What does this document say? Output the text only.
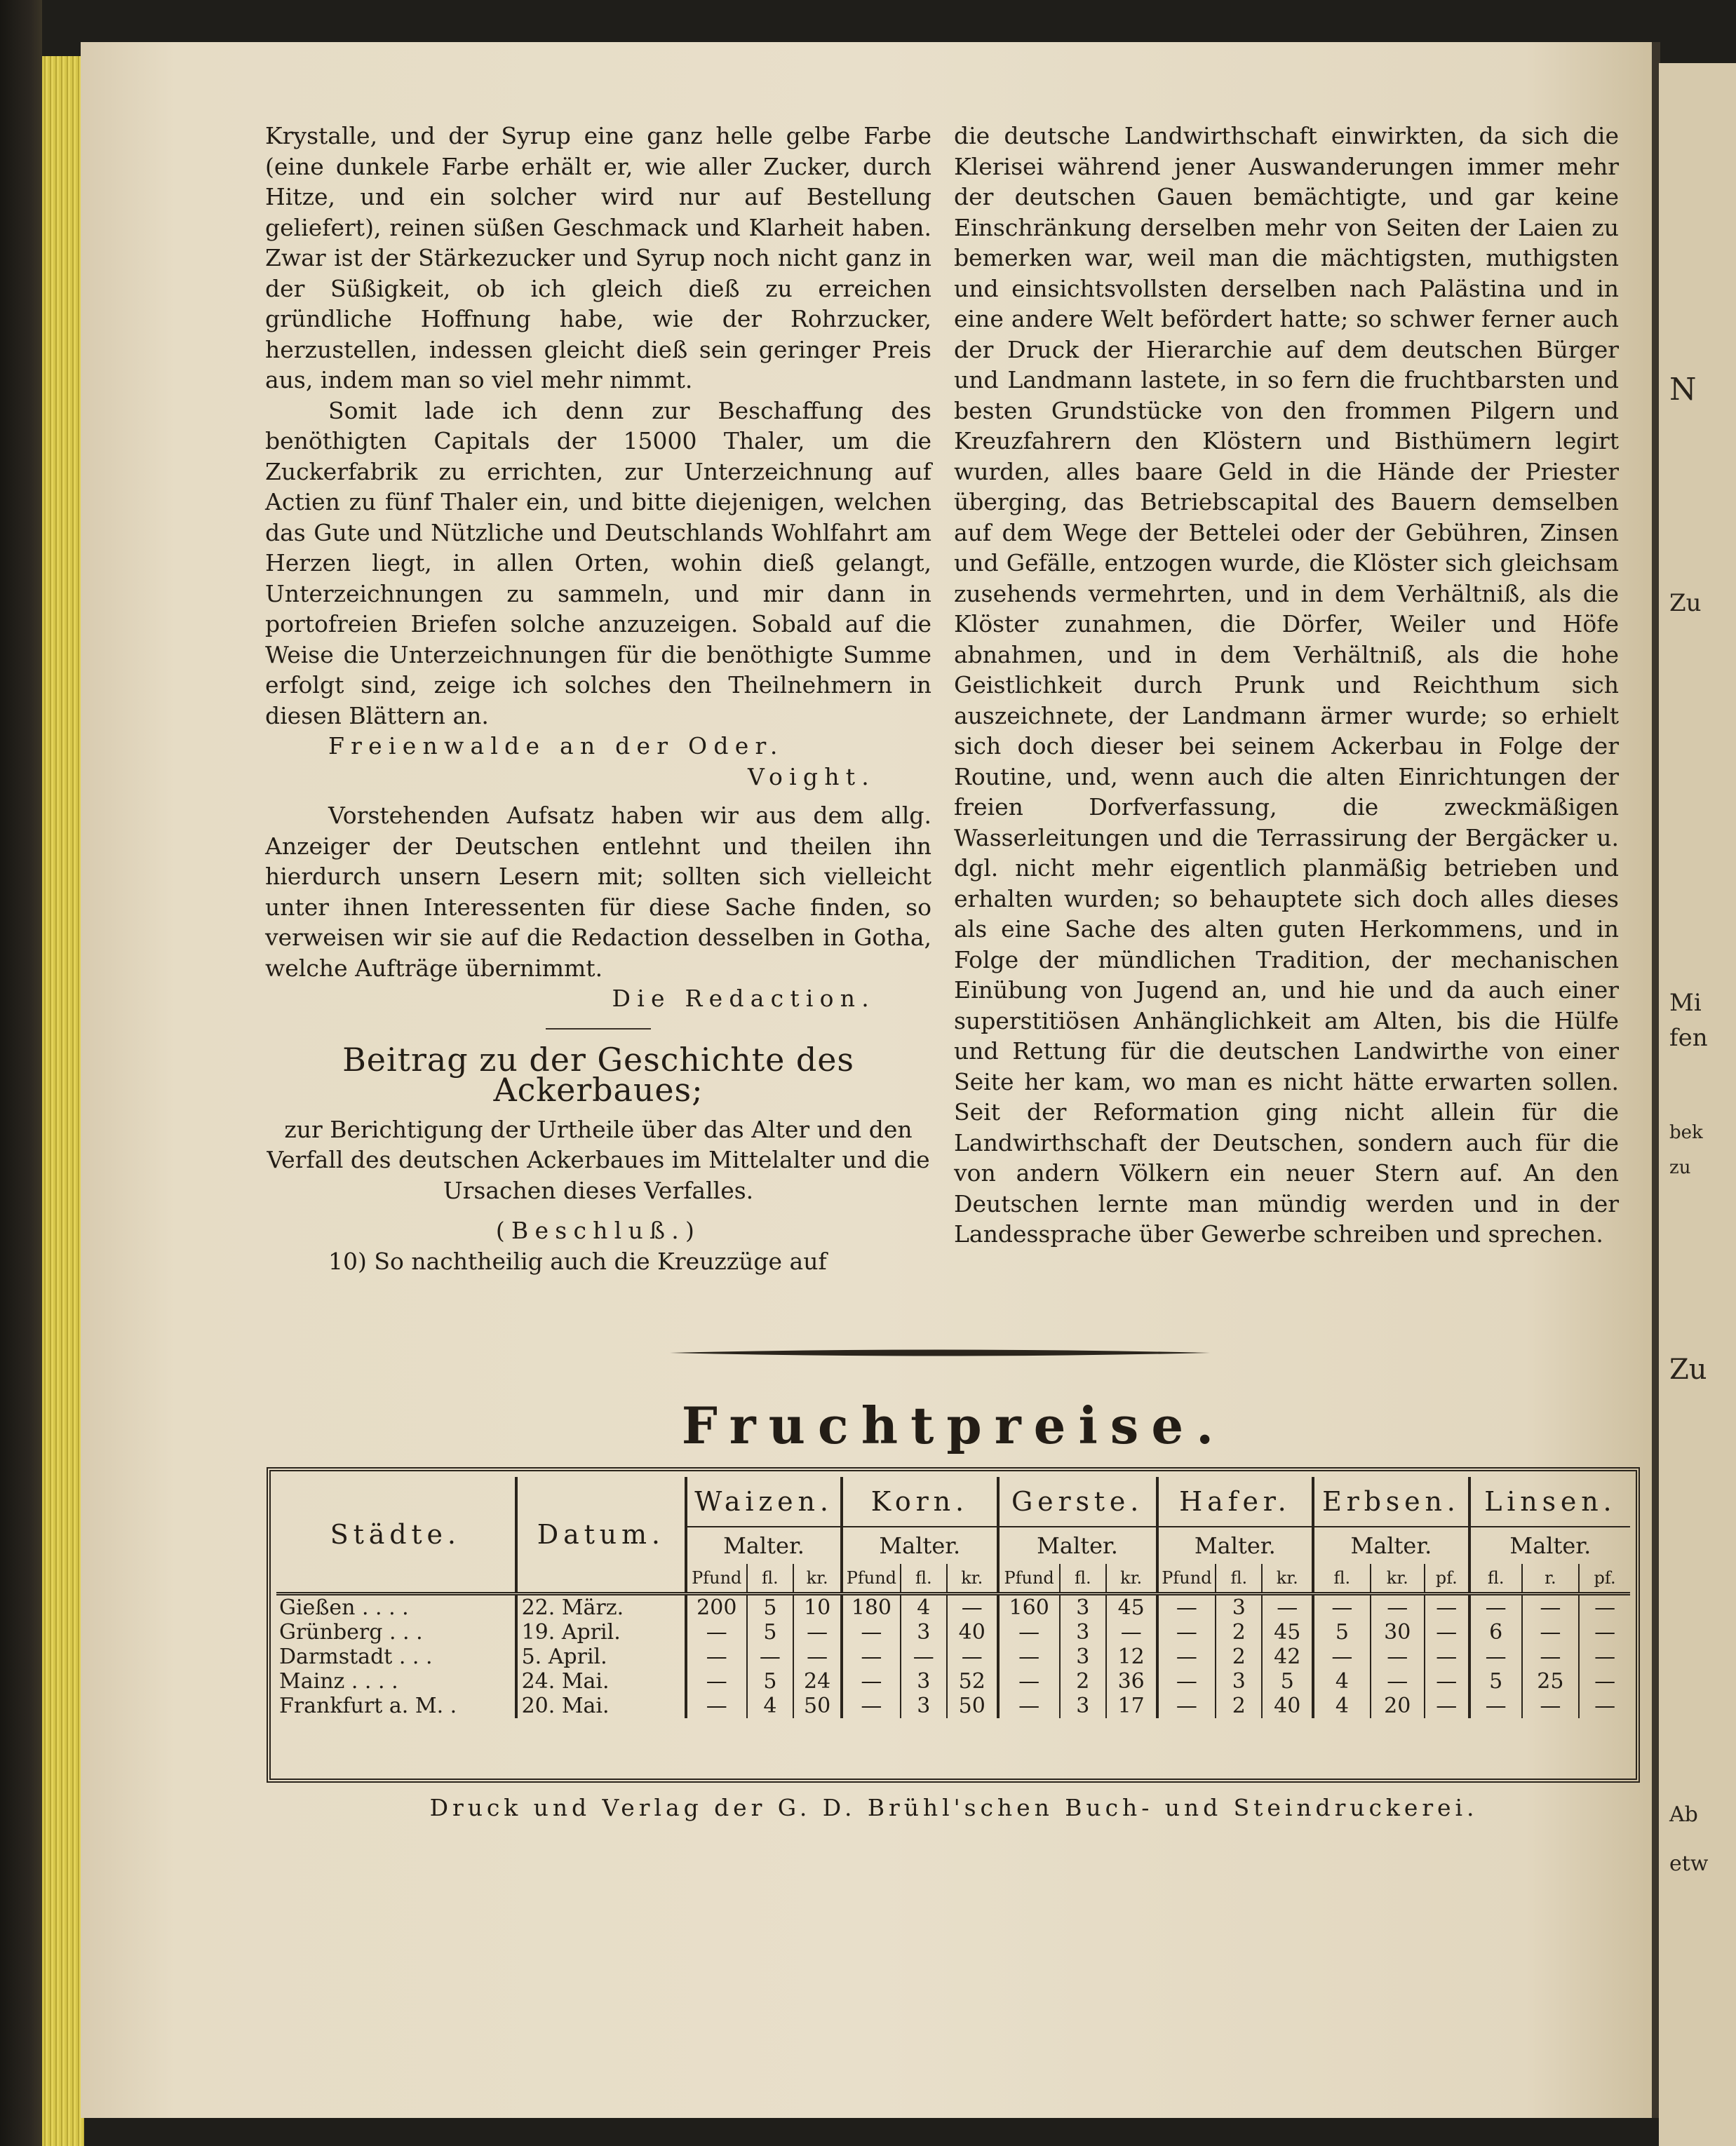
N
Zu
Mi
fen
bek
zu
Zu
Ab
etw

Krystalle, und der Syrup eine ganz helle gelbe Farbe (eine dunkele Farbe erhält er, wie aller Zucker, durch Hitze, und ein solcher wird nur auf Bestellung geliefert), reinen süßen Geschmack und Klarheit haben. Zwar ist der Stärkezucker und Syrup noch nicht ganz in der Süßigkeit, ob ich gleich dieß zu erreichen gründliche Hoffnung habe, wie der Rohrzucker, herzustellen, indessen gleicht dieß sein geringer Preis aus, indem man so viel mehr nimmt.

Somit lade ich denn zur Beschaffung des benöthigten Capitals der 15000 Thaler, um die Zuckerfabrik zu errichten, zur Unterzeichnung auf Actien zu fünf Thaler ein, und bitte diejenigen, welchen das Gute und Nützliche und Deutschlands Wohlfahrt am Herzen liegt, in allen Orten, wohin dieß gelangt, Unterzeichnungen zu sammeln, und mir dann in portofreien Briefen solche anzuzeigen. Sobald auf die Weise die Unterzeichnungen für die benöthigte Summe erfolgt sind, zeige ich solches den Theilnehmern in diesen Blättern an.

Freienwalde an der Oder.

Voight.

Vorstehenden Aufsatz haben wir aus dem allg. Anzeiger der Deutschen entlehnt und theilen ihn hierdurch unsern Lesern mit; sollten sich vielleicht unter ihnen Interessenten für diese Sache finden, so verweisen wir sie auf die Redaction desselben in Gotha, welche Aufträge übernimmt.

Die Redaction.

Beitrag zu der Geschichte des Ackerbaues;

zur Berichtigung der Urtheile über das Alter und den Verfall des deutschen Ackerbaues im Mittelalter und die Ursachen dieses Verfalles.

(Beschluß.)

10) So nachtheilig auch die Kreuzzüge auf

die deutsche Landwirthschaft einwirkten, da sich die Klerisei während jener Auswanderungen immer mehr der deutschen Gauen bemächtigte, und gar keine Einschränkung derselben mehr von Seiten der Laien zu bemerken war, weil man die mächtigsten, muthigsten und einsichtsvollsten derselben nach Palästina und in eine andere Welt befördert hatte; so schwer ferner auch der Druck der Hierarchie auf dem deutschen Bürger und Landmann lastete, in so fern die fruchtbarsten und besten Grundstücke von den frommen Pilgern und Kreuzfahrern den Klöstern und Bisthümern legirt wurden, alles baare Geld in die Hände der Priester überging, das Betriebscapital des Bauern demselben auf dem Wege der Bettelei oder der Gebühren, Zinsen und Gefälle, entzogen wurde, die Klöster sich gleichsam zusehends vermehrten, und in dem Verhältniß, als die Klöster zunahmen, die Dörfer, Weiler und Höfe abnahmen, und in dem Verhältniß, als die hohe Geistlichkeit durch Prunk und Reichthum sich auszeichnete, der Landmann ärmer wurde; so erhielt sich doch dieser bei seinem Ackerbau in Folge der Routine, und, wenn auch die alten Einrichtungen der freien Dorfverfassung, die zweckmäßigen Wasserleitungen und die Terrassirung der Bergäcker u. dgl. nicht mehr eigentlich planmäßig betrieben und erhalten wurden; so behauptete sich doch alles dieses als eine Sache des alten guten Herkommens, und in Folge der mündlichen Tradition, der mechanischen Einübung von Jugend an, und hie und da auch einer superstitiösen Anhänglichkeit am Alten, bis die Hülfe und Rettung für die deutschen Landwirthe von einer Seite her kam, wo man es nicht hätte erwarten sollen. Seit der Reformation ging nicht allein für die Landwirthschaft der Deutschen, sondern auch für die von andern Völkern ein neuer Stern auf. An den Deutschen lernte man mündig werden und in der Landessprache über Gewerbe schreiben und sprechen.

Fruchtpreise.
Städte.	Datum.	Waizen.			Korn.			Gerste.			Hafer.			Erbsen.			Linsen.		
		Malter.			Malter.			Malter.			Malter.			Malter.			Malter.		
		Pfund	fl.	kr.	Pfund	fl.	kr.	Pfund	fl.	kr.	Pfund	fl.	kr.	fl.	kr.	pf.	fl.	r.	pf.
Gießen . . . .	22. März.	200	5	10	180	4	—	160	3	45	—	3	—	—	—	—	—	—	—
Grünberg . . .	19. April.	—	5	—	—	3	40	—	3	—	—	2	45	5	30	—	6	—	—
Darmstadt . . .	5. April.	—	—	—	—	—	—	—	3	12	—	2	42	—	—	—	—	—	—
Mainz . . . .	24. Mai.	—	5	24	—	3	52	—	2	36	—	3	5	4	—	—	5	25	—
Frankfurt a. M. .	20. Mai.	—	4	50	—	3	50	—	3	17	—	2	40	4	20	—	—	—	—
Druck und Verlag der G. D. Brühl'schen Buch- und Steindruckerei.
